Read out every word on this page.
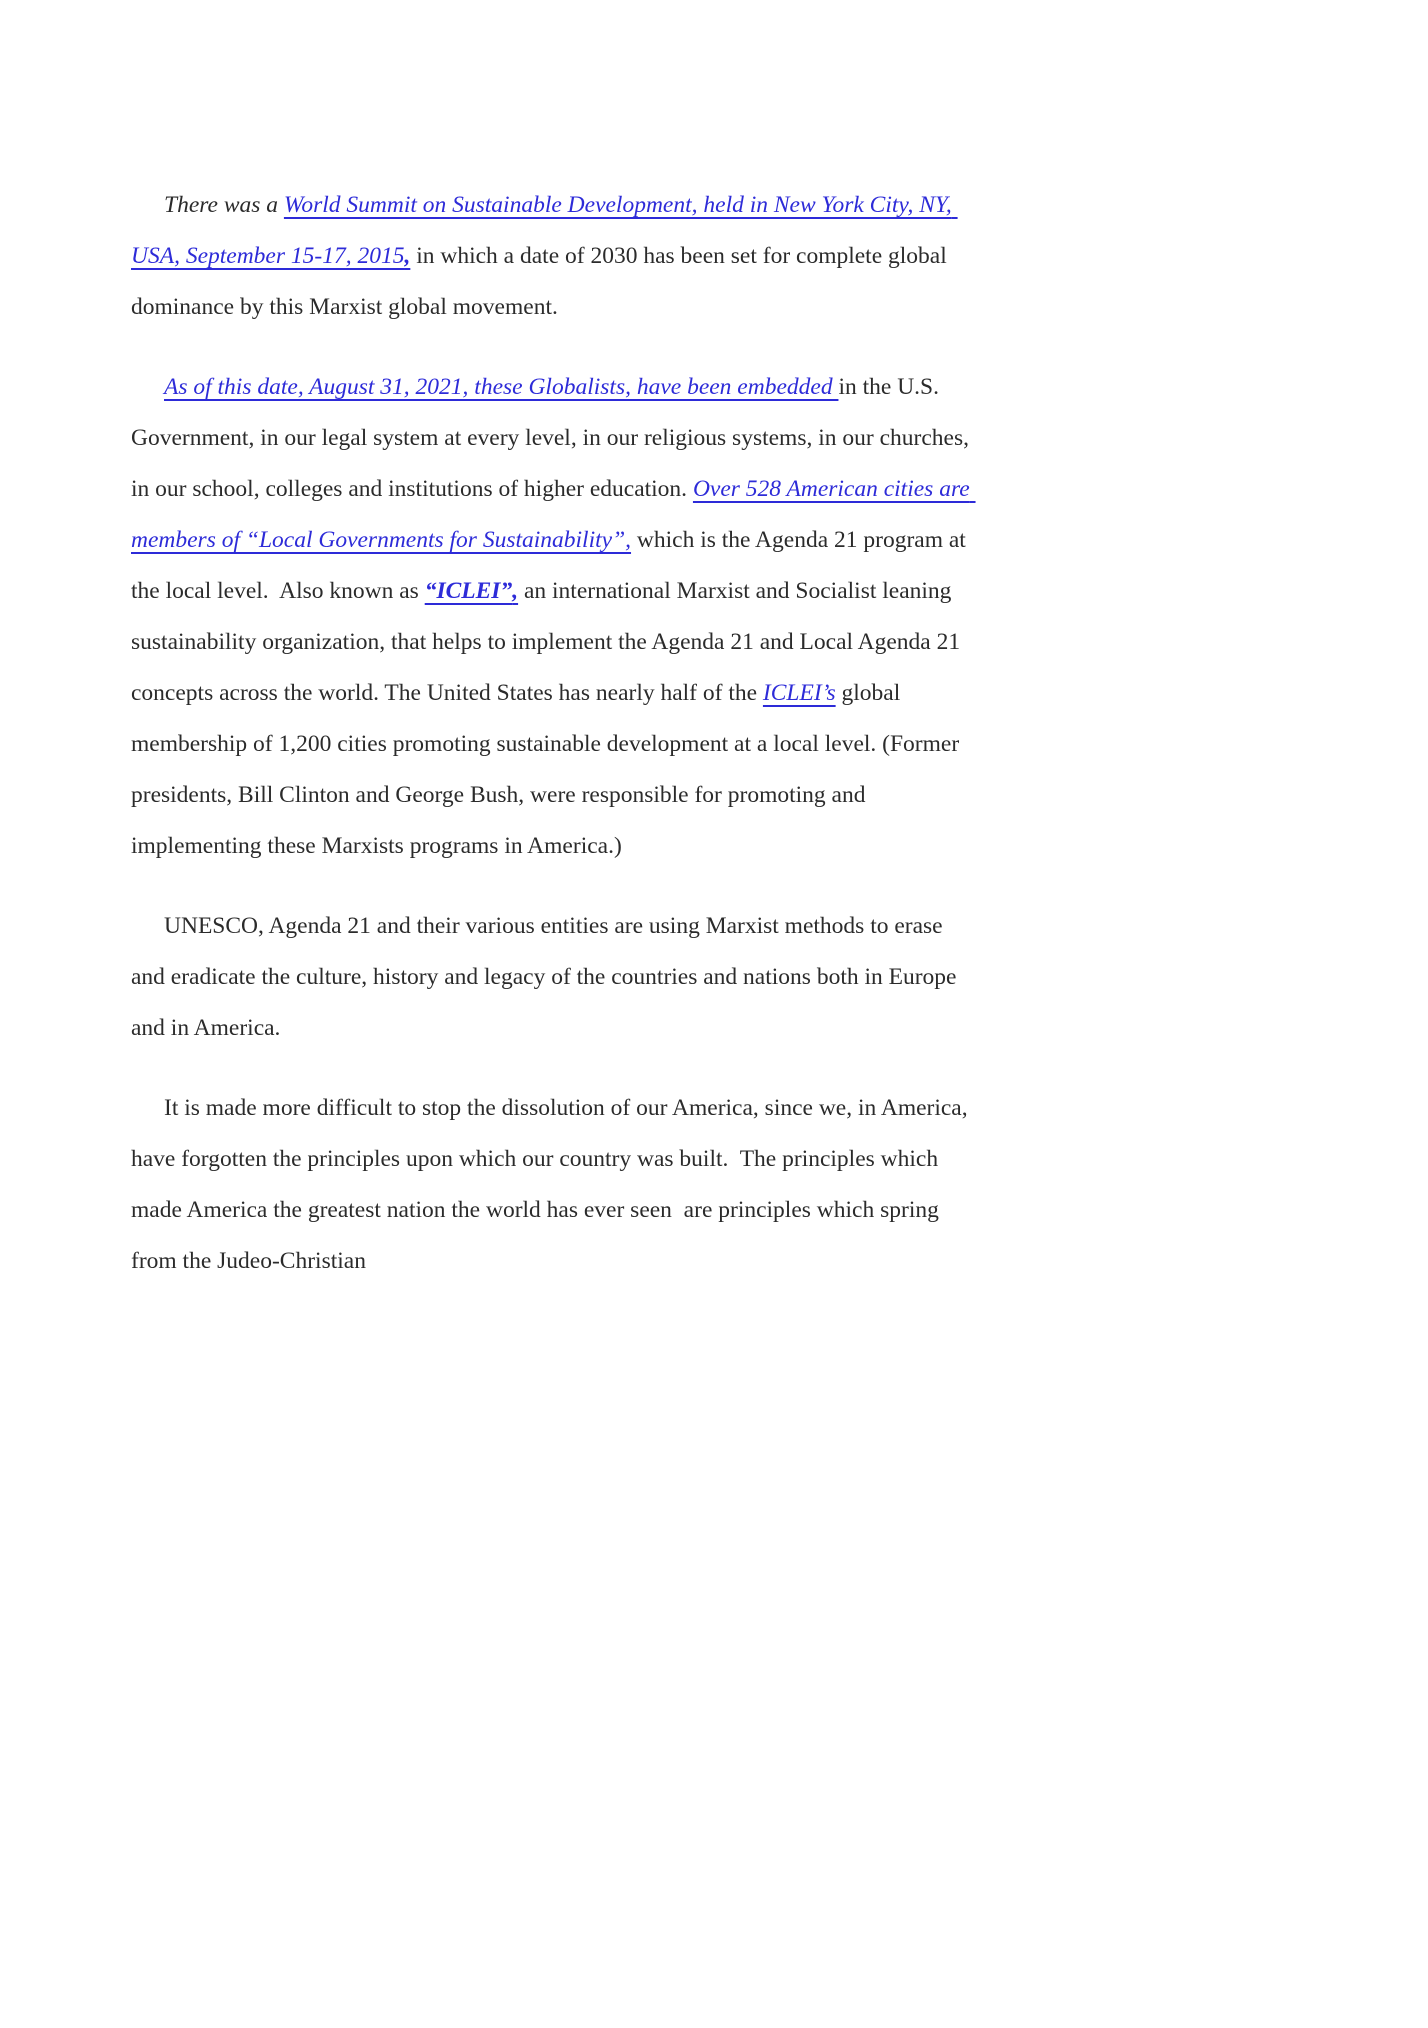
There was a World Summit on Sustainable Development, held in New York City, NY, USA, September 15-17, 2015, in which a date of 2030 has been set for complete global dominance by this Marxist global movement.

As of this date, August 31, 2021, these Globalists, have been embedded in the U.S. Government, in our legal system at every level, in our religious systems, in our churches, in our school, colleges and institutions of higher education. Over 528 American cities are members of “Local Governments for Sustainability”, which is the Agenda 21 program at the local level.  Also known as “ICLEI”, an international Marxist and Socialist leaning sustainability organization, that helps to implement the Agenda 21 and Local Agenda 21 concepts across the world. The United States has nearly half of the ICLEI’s global membership of 1,200 cities promoting sustainable development at a local level. (Former presidents, Bill Clinton and George Bush, were responsible for promoting and implementing these Marxists programs in America.)

UNESCO, Agenda 21 and their various entities are using Marxist methods to erase and eradicate the culture, history and legacy of the countries and nations both in Europe and in America.

It is made more difficult to stop the dissolution of our America, since we, in America, have forgotten the principles upon which our country was built.  The principles which made America the greatest nation the world has ever seen  are principles which spring from the Judeo-Christian
